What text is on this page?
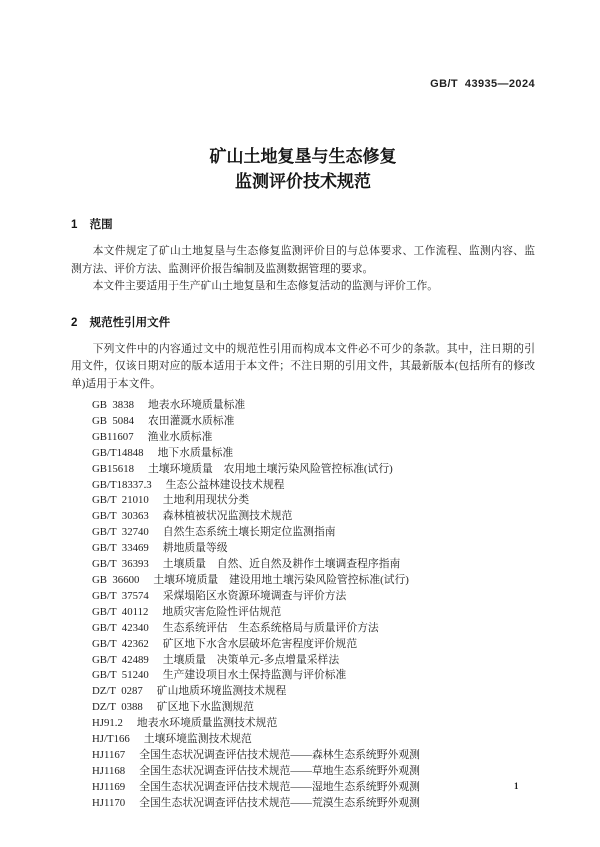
GB/T  43935—2024

矿山土地复垦与生态修复
监测评价技术规范
1 范围

本文件规定了矿山土地复垦与生态修复监测评价目的与总体要求、工作流程、监测内容、监测方法、评价方法、监测评价报告编制及监测数据管理的要求。

本文件主要适用于生产矿山土地复垦和生态修复活动的监测与评价工作。

2 规范性引用文件

下列文件中的内容通过文中的规范性引用而构成本文件必不可少的条款。其中，注日期的引用文件，仅该日期对应的版本适用于本文件；不注日期的引用文件，其最新版本(包括所有的修改单)适用于本文件。

GB  3838 地表水环境质量标准
GB  5084 农田灌溉水质标准
GB11607 渔业水质标准
GB/T14848 地下水质量标准
GB15618 土壤环境质量　农用地土壤污染风险管控标准(试行)
GB/T18337.3 生态公益林建设技术规程
GB/T  21010 土地利用现状分类
GB/T  30363 森林植被状况监测技术规范
GB/T  32740 自然生态系统土壤长期定位监测指南
GB/T  33469 耕地质量等级
GB/T  36393 土壤质量　自然、近自然及耕作土壤调查程序指南
GB  36600 土壤环境质量　建设用地土壤污染风险管控标准(试行)
GB/T  37574 采煤塌陷区水资源环境调查与评价方法
GB/T  40112 地质灾害危险性评估规范
GB/T  42340 生态系统评估　生态系统格局与质量评价方法
GB/T  42362 矿区地下水含水层破坏危害程度评价规范
GB/T  42489 土壤质量　决策单元-多点增量采样法
GB/T  51240 生产建设项目水土保持监测与评价标准
DZ/T  0287 矿山地质环境监测技术规程
DZ/T  0388 矿区地下水监测规范
HJ91.2 地表水环境质量监测技术规范
HJ/T166 土壤环境监测技术规范
HJ1167 全国生态状况调查评估技术规范——森林生态系统野外观测
HJ1168 全国生态状况调查评估技术规范——草地生态系统野外观测
HJ1169 全国生态状况调查评估技术规范——湿地生态系统野外观测
HJ1170 全国生态状况调查评估技术规范——荒漠生态系统野外观测
1
